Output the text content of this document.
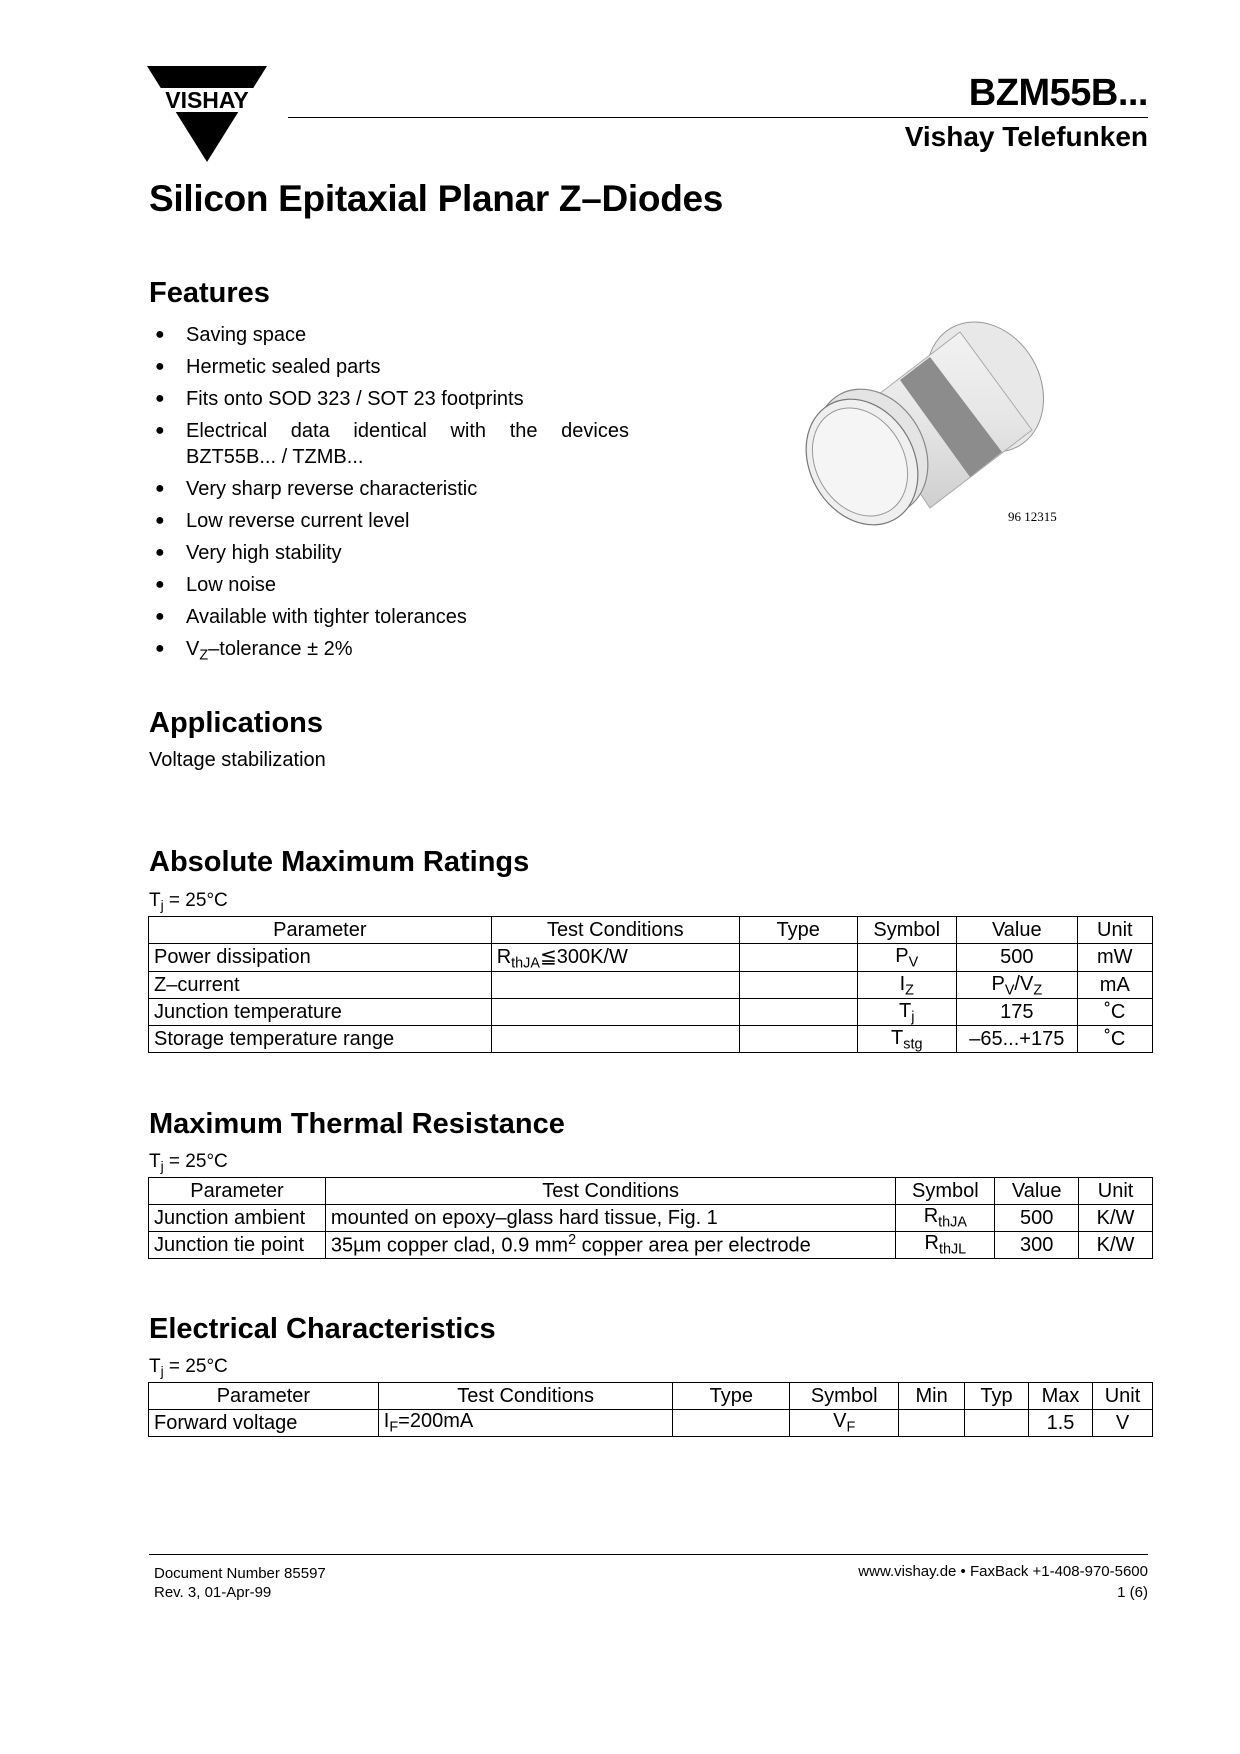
VISHAY	BZM55B...
Vishay Telefunken
Silicon Epitaxial Planar Z–Diodes
Features
● Saving space
● Hermetic sealed parts
● Fits onto SOD 323 / SOT 23 footprints
● Electrical data identical with the devices
BZT55B... / TZMB...
● Very sharp reverse characteristic
● Low reverse current level
● Very high stability
● Low noise
● Available with tighter tolerances
● $V_Z$–tolerance ± 2%
96 12315
Applications
Voltage stabilization
Absolute Maximum Ratings
$T_j = 25^\circ C$
Parameter	Test Conditions	Type	Symbol	Value	Unit
Power dissipation	$R_{thJA}≦300K/W$		$P_V$	500	mW
Z–current			$I_Z$	$P_V/V_Z$	mA
Junction temperature			$T_j$	175	˚C
Storage temperature range			$T_{stg}$	–65...+175	˚C
Maximum Thermal Resistance
$T_j = 25^\circ C$
Parameter	Test Conditions	Symbol	Value	Unit
Junction ambient	mounted on epoxy–glass hard tissue, Fig. 1	$R_{thJA}$	500	K/W
Junction tie point	35µm copper clad, 0.9 $mm^2$ copper area per electrode	$R_{thJL}$	300	K/W
Electrical Characteristics
$T_j = 25^\circ C$
Parameter	Test Conditions	Type	Symbol	Min	Typ	Max	Unit
Forward voltage	$I_F=200mA$		$V_F$			1.5	V
Document Number 85597
Rev. 3, 01-Apr-99
www.vishay.de • FaxBack +1-408-970-5600
1 (6)
